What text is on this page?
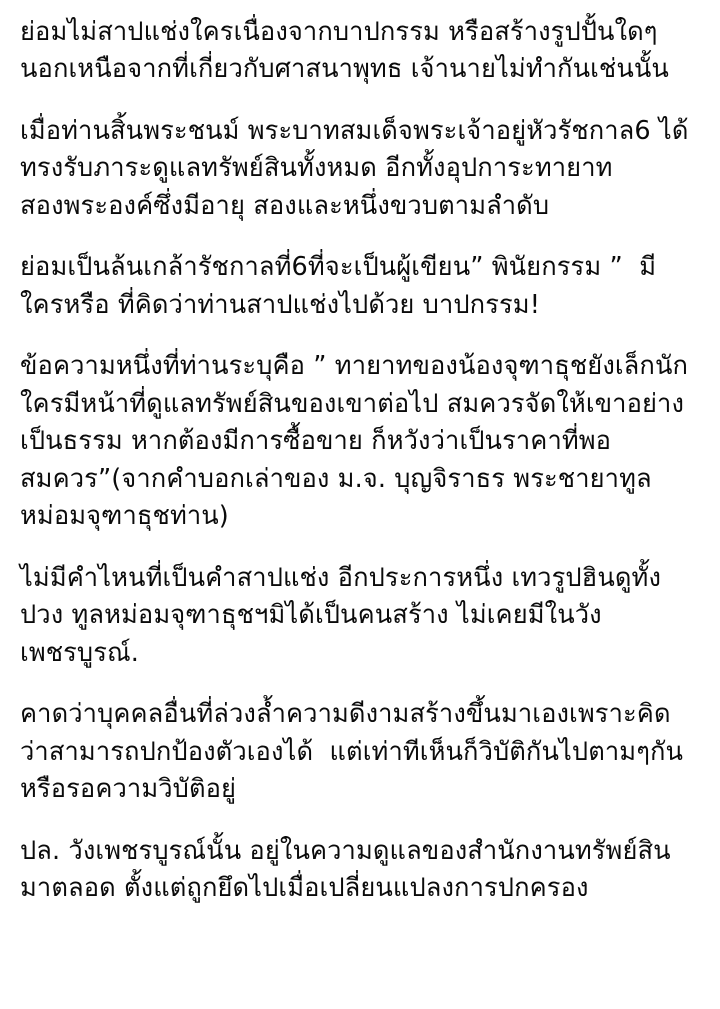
ย่อมไม่สาปแช่งใครเนื่องจากบาปกรรม หรือสร้างรูปปั้นใดๆนอกเหนือจากที่เกี่ยวกับศาสนาพุทธ เจ้านายไม่ทำกันเช่นนั้น

เมื่อท่านสิ้นพระชนม์ พระบาทสมเด็จพระเจ้าอยู่หัวรัชกาล6 ได้ทรงรับภาระดูแลทรัพย์สินทั้งหมด อีกทั้งอุปการะทายาทสองพระองค์ซึ่งมีอายุ สองและหนึ่งขวบตามลำดับ

ย่อมเป็นล้นเกล้ารัชกาลที่6ที่จะเป็นผู้เขียน” พินัยกรรม ”  มีใครหรือ ที่คิดว่าท่านสาปแช่งไปด้วย บาปกรรม!

ข้อความหนึ่งที่ท่านระบุคือ ” ทายาทของน้องจุฑาธุชยังเล็กนัก ใครมีหน้าที่ดูแลทรัพย์สินของเขาต่อไป สมควรจัดให้เขาอย่างเป็นธรรม หากต้องมีการซื้อขาย ก็หวังว่าเป็นราคาที่พอสมควร”(จากคำบอกเล่าของ ม.จ. บุญจิราธร พระชายาทูลหม่อมจุฑาธุชท่าน)

ไม่มีคำไหนที่เป็นคำสาปแช่ง อีกประการหนึ่ง เทวรูปฮินดูทั้งปวง ทูลหม่อมจุฑาธุชฯมิได้เป็นคนสร้าง ไม่เคยมีในวังเพชรบูรณ์.

คาดว่าบุคคลอื่นที่ล่วงล้ำความดีงามสร้างขึ้นมาเองเพราะคิดว่าสามารถปกป้องตัวเองได้  แต่เท่าทีเห็นก็วิบัติกันไปตามๆกัน หรือรอความวิบัติอยู่

ปล. วังเพชรบูรณ์นั้น อยู่ในความดูแลของสำนักงานทรัพย์สินมาตลอด ตั้งแต่ถูกยึดไปเมื่อเปลี่ยนแปลงการปกครอง
